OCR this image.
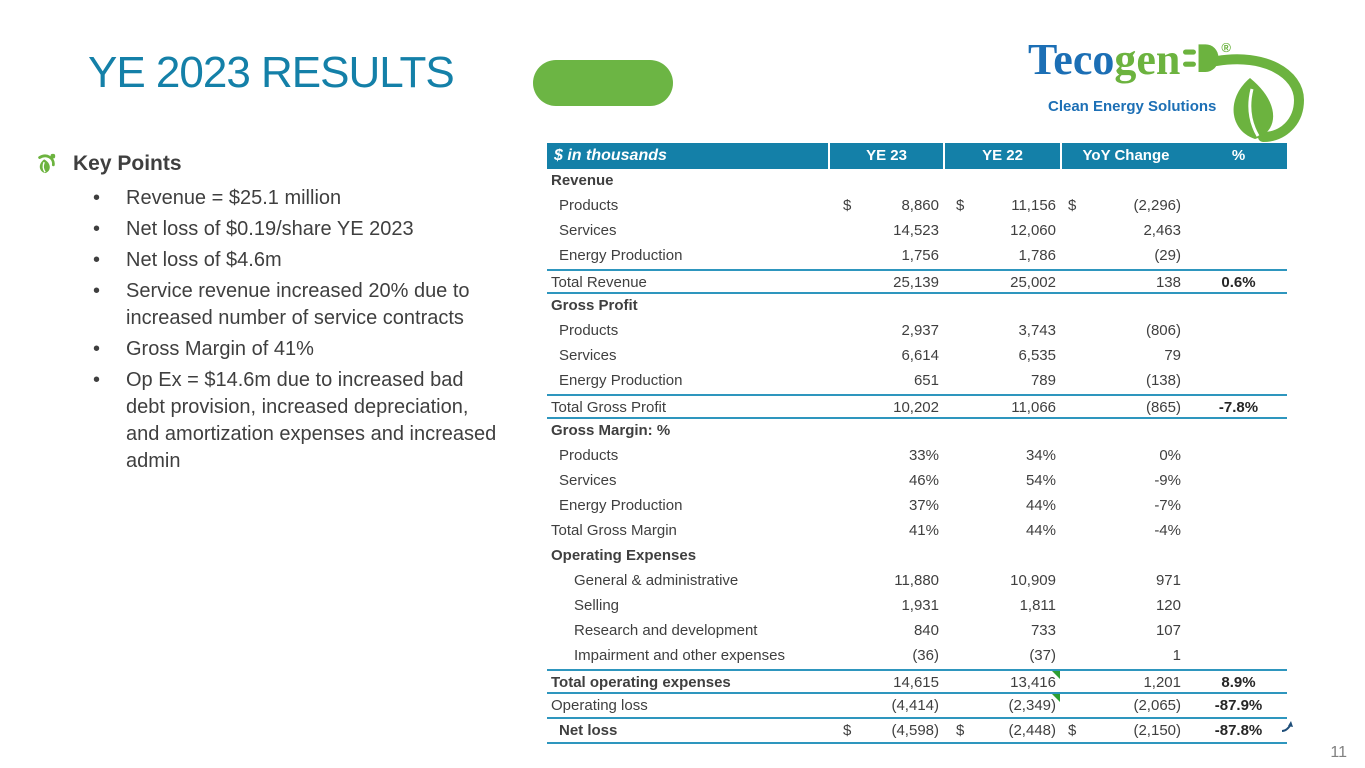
YE 2023 RESULTS	Tecogen	®
Clean Energy Solutions
Key Points
• Revenue = $25.1 million
• Net loss of $0.19/share YE 2023
• Net loss of $4.6m
• Service revenue increased 20% due to increased number of service contracts
• Gross Margin of 41%
• Op Ex = $14.6m due to increased bad debt provision, increased depreciation, and amortization expenses and increased admin
$ in thousands	YE 23	YE 22	YoY Change	%
Revenue
Products	$	8,860 $	11,156 $	(2,296)
Services	14,523	12,060	2,463
Energy Production	1,756	1,786	(29)
Total Revenue	25,139	25,002	138	0.6%
Gross Profit
Products	2,937	3,743	(806)
Services	6,614	6,535	79
Energy Production	651	789	(138)
Total Gross Profit	10,202	11,066	(865)	-7.8%
Gross Margin: %
Products	33%	34%	0%
Services	46%	54%	-9%
Energy Production	37%	44%	-7%
Total Gross Margin	41%	44%	-4%
Operating Expenses
General & administrative	11,880	10,909	971
Selling	1,931	1,811	120
Research and development	840	733	107
Impairment and other expenses	(36)	(37)	1
Total operating expenses	14,615	13,416	1,201	8.9%
Operating loss	(4,414)	(2,349)	(2,065)	-87.9%
Net loss	$	(4,598) $	(2,448) $	(2,150)	-87.8%
11
